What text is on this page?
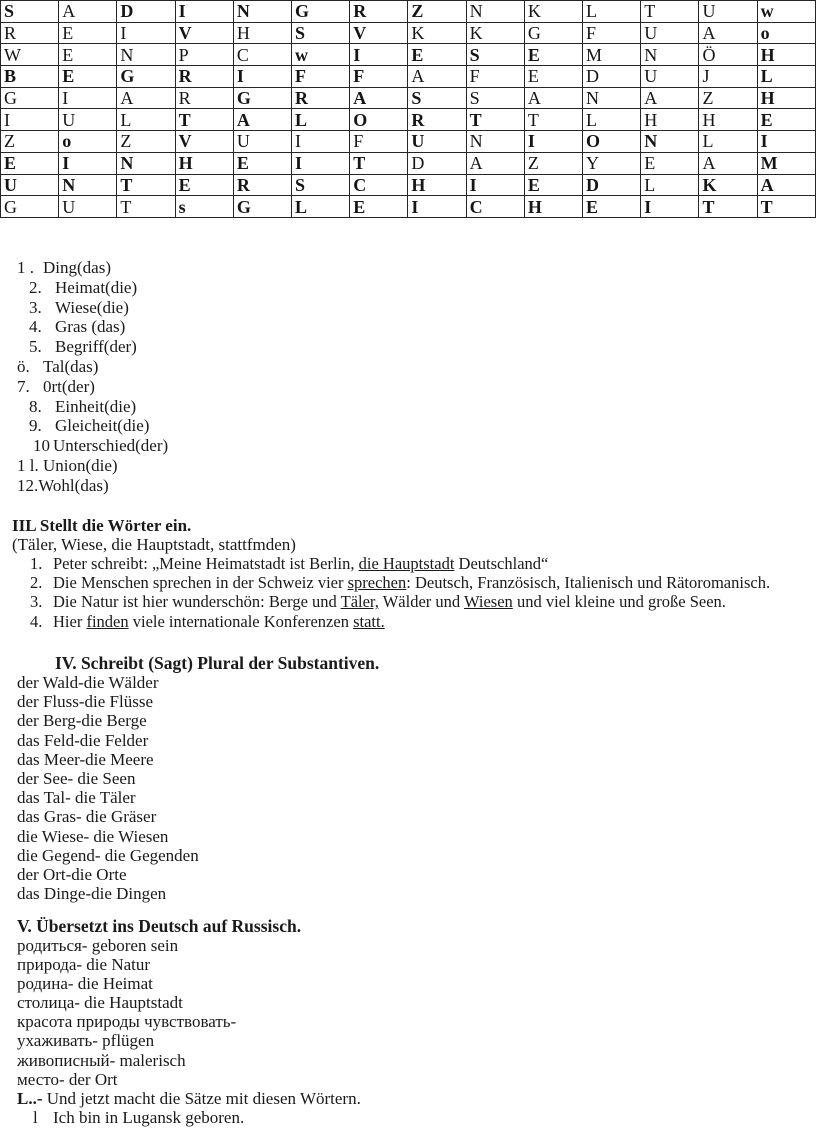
S	A	D	I	N	G	R	Z	N	K	L	T	U	w
R	E	I	V	H	S	V	K	K	G	F	U	A	o
W	E	N	P	C	w	I	E	S	E	M	N	Ö	H
B	E	G	R	I	F	F	A	F	E	D	U	J	L
G	I	A	R	G	R	A	S	S	A	N	A	Z	H
I	U	L	T	A	L	O	R	T	T	L	H	H	E
Z	o	Z	V	U	I	F	U	N	I	O	N	L	I
E	I	N	H	E	I	T	D	A	Z	Y	E	A	M
U	N	T	E	R	S	C	H	I	E	D	L	K	A
G	U	T	s	G	L	E	I	C	H	E	I	T	T
1 . Ding(das)
2. Heimat(die)
3. Wiese(die)
4. Gras (das)
5. Begriff(der)
ö. Tal(das)
7. 0rt(der)
8. Einheit(die)
9. Gleicheit(die)
10 Unterschied(der)
1 l. Union(die)
12.Wohl(das)
IIL Stellt die Wörter ein.
(Täler, Wiese, die Hauptstadt, stattfmden)
1. Peter schreibt: „Meine Heimatstadt ist Berlin, die Hauptstadt Deutschland“
2. Die Menschen sprechen in der Schweiz vier sprechen: Deutsch, Französisch, Italienisch und Rätoromanisch.
3. Die Natur ist hier wunderschön: Berge und Täler, Wälder und Wiesen und viel kleine und große Seen.
4. Hier finden viele internationale Konferenzen statt.
IV. Schreibt (Sagt) Plural der Substantiven.
der Wald-die Wälder
der Fluss-die Flüsse
der Berg-die Berge
das Feld-die Felder
das Meer-die Meere
der See- die Seen
das Tal- die Täler
das Gras- die Gräser
die Wiese- die Wiesen
die Gegend- die Gegenden
der Ort-die Orte
das Dinge-die Dingen
V. Übersetzt ins Deutsch auf Russisch.
родиться- geboren sein
природа- die Natur
родина- die Heimat
столица- die Hauptstadt
красота природы чувствовать-
ухаживать- pflügen
живописный- malerisch
место- der Ort
L..- Und jetzt macht die Sätze mit diesen Wörtern.
l Ich bin in Lugansk geboren.
